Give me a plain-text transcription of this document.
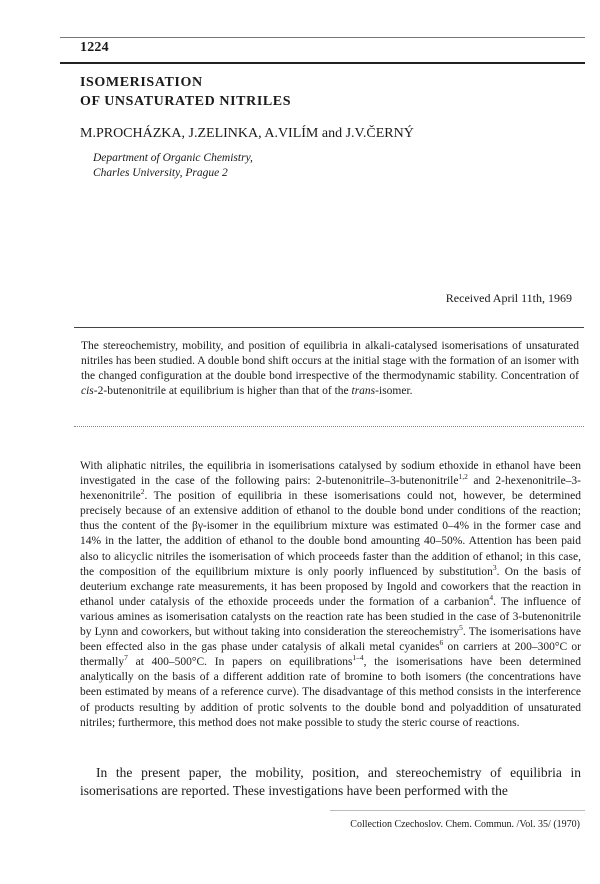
1224
ISOMERISATION
OF UNSATURATED NITRILES
M.PROCHÁZKA, J.ZELINKA, A.VILÍM and J.V.ČERNÝ
Department of Organic Chemistry,
Charles University, Prague 2
Received April 11th, 1969

The stereochemistry, mobility, and position of equilibria in alkali-catalysed isomerisations of unsaturated nitriles has been studied. A double bond shift occurs at the initial stage with the formation of an isomer with the changed configuration at the double bond irrespective of the thermodynamic stability. Concentration of cis-2-butenonitrile at equilibrium is higher than that of the trans-isomer.

With aliphatic nitriles, the equilibria in isomerisations catalysed by sodium ethoxide in ethanol have been investigated in the case of the following pairs: 2-butenonitrile–3-butenonitrile$^{1,2}$ and 2-hexenonitrile–3-hexenonitrile$^2$. The position of equilibria in these isomerisations could not, however, be determined precisely because of an extensive addition of ethanol to the double bond under conditions of the reaction; thus the content of the βγ-isomer in the equilibrium mixture was estimated 0–4% in the former case and 14% in the latter, the addition of ethanol to the double bond amounting 40–50%. Attention has been paid also to alicyclic nitriles the isomerisation of which proceeds faster than the addition of ethanol; in this case, the composition of the equilibrium mixture is only poorly influenced by substitution$^3$. On the basis of deuterium exchange rate measurements, it has been proposed by Ingold and coworkers that the reaction in ethanol under catalysis of the ethoxide proceeds under the formation of a carbanion$^4$. The influence of various amines as isomerisation catalysts on the reaction rate has been studied in the case of 3-butenonitrile by Lynn and coworkers, but without taking into consideration the stereochemistry$^5$. The isomerisations have been effected also in the gas phase under catalysis of alkali metal cyanides$^6$ on carriers at 200–300°C or thermally$^7$ at 400–500°C. In papers on equilibrations$^{1-4}$, the isomerisations have been determined analytically on the basis of a different addition rate of bromine to both isomers (the concentrations have been estimated by means of a reference curve). The disadvantage of this method consists in the interference of products resulting by addition of protic solvents to the double bond and polyaddition of unsaturated nitriles; furthermore, this method does not make possible to study the steric course of reactions.

In the present paper, the mobility, position, and stereochemistry of equilibria in isomerisations are reported. These investigations have been performed with the

Collection Czechoslov. Chem. Commun. /Vol. 35/ (1970)
